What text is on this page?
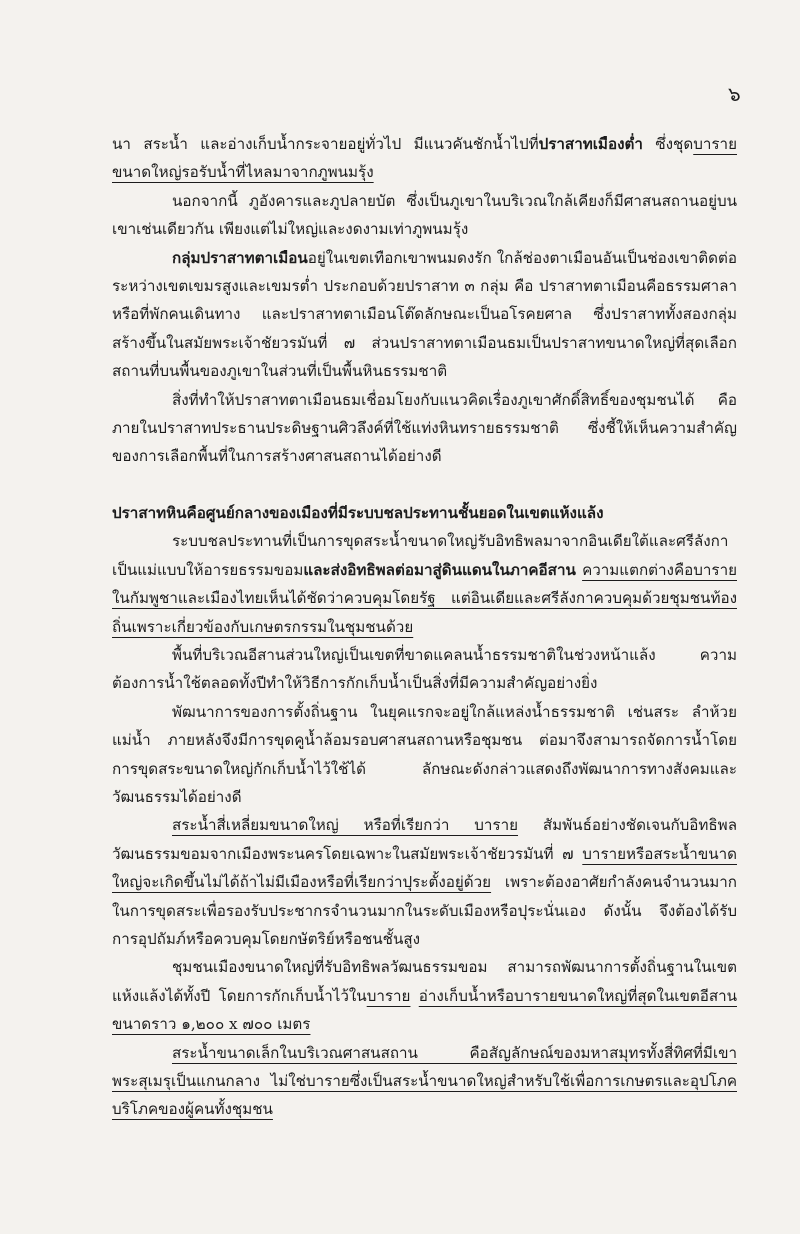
๖

นา สระน้ำ และอ่างเก็บน้ำกระจายอยู่ทั่วไป มีแนวคันชักน้ำไปที่ปราสาทเมืองต่ำ ซึ่งชุดบารายขนาดใหญ่รอรับน้ำที่ไหลมาจากภูพนมรุ้ง

นอกจากนี้ ภูอังคารและภูปลายบัต ซึ่งเป็นภูเขาในบริเวณใกล้เคียงก็มีศาสนสถานอยู่บนเขาเช่นเดียวกัน เพียงแต่ไม่ใหญ่และงดงามเท่าภูพนมรุ้ง

กลุ่มปราสาทตาเมือนอยู่ในเขตเทือกเขาพนมดงรัก ใกล้ช่องตาเมือนอันเป็นช่องเขาติดต่อระหว่างเขตเขมรสูงและเขมรต่ำ ประกอบด้วยปราสาท ๓ กลุ่ม คือ ปราสาทตาเมือนคือธรรมศาลาหรือที่พักคนเดินทาง และปราสาทตาเมือนโต๊ดลักษณะเป็นอโรคยศาล ซึ่งปราสาททั้งสองกลุ่มสร้างขึ้นในสมัยพระเจ้าชัยวรมันที่ ๗ ส่วนปราสาทตาเมือนธมเป็นปราสาทขนาดใหญ่ที่สุดเลือกสถานที่บนพื้นของภูเขาในส่วนที่เป็นพื้นหินธรรมชาติ

สิ่งที่ทำให้ปราสาทตาเมือนธมเชื่อมโยงกับแนวคิดเรื่องภูเขาศักดิ์สิทธิ์ของชุมชนได้ คือ ภายในปราสาทประธานประดิษฐานศิวลึงค์ที่ใช้แท่งหินทรายธรรมชาติ ซึ่งชี้ให้เห็นความสำคัญของการเลือกพื้นที่ในการสร้างศาสนสถานได้อย่างดี

ปราสาทหินคือศูนย์กลางของเมืองที่มีระบบชลประทานชั้นยอดในเขตแห้งแล้ง

ระบบชลประทานที่เป็นการขุดสระน้ำขนาดใหญ่รับอิทธิพลมาจากอินเดียใต้และศรีลังกา เป็นแม่แบบให้อารยธรรมขอมและส่งอิทธิพลต่อมาสู่ดินแดนในภาคอีสาน ความแตกต่างคือบารายในกัมพูชาและเมืองไทยเห็นได้ชัดว่าควบคุมโดยรัฐ แต่อินเดียและศรีลังกาควบคุมด้วยชุมชนท้องถิ่นเพราะเกี่ยวข้องกับเกษตรกรรมในชุมชนด้วย

พื้นที่บริเวณอีสานส่วนใหญ่เป็นเขตที่ขาดแคลนน้ำธรรมชาติในช่วงหน้าแล้ง ความต้องการน้ำใช้ตลอดทั้งปีทำให้วิธีการกักเก็บน้ำเป็นสิ่งที่มีความสำคัญอย่างยิ่ง

พัฒนาการของการตั้งถิ่นฐาน ในยุคแรกจะอยู่ใกล้แหล่งน้ำธรรมชาติ เช่นสระ ลำห้วย แม่น้ำ ภายหลังจึงมีการขุดคูน้ำล้อมรอบศาสนสถานหรือชุมชน ต่อมาจึงสามารถจัดการน้ำโดยการขุดสระขนาดใหญ่กักเก็บน้ำไว้ใช้ได้ ลักษณะดังกล่าวแสดงถึงพัฒนาการทางสังคมและวัฒนธรรมได้อย่างดี

สระน้ำสี่เหลี่ยมขนาดใหญ่ หรือที่เรียกว่า บาราย สัมพันธ์อย่างชัดเจนกับอิทธิพลวัฒนธรรมขอมจากเมืองพระนครโดยเฉพาะในสมัยพระเจ้าชัยวรมันที่ ๗ บารายหรือสระน้ำขนาดใหญ่จะเกิดขึ้นไม่ได้ถ้าไม่มีเมืองหรือที่เรียกว่าปุระตั้งอยู่ด้วย เพราะต้องอาศัยกำลังคนจำนวนมากในการขุดสระเพื่อรองรับประชากรจำนวนมากในระดับเมืองหรือปุระนั่นเอง ดังนั้น จึงต้องได้รับการอุปถัมภ์หรือควบคุมโดยกษัตริย์หรือชนชั้นสูง

ชุมชนเมืองขนาดใหญ่ที่รับอิทธิพลวัฒนธรรมขอม สามารถพัฒนาการตั้งถิ่นฐานในเขตแห้งแล้งได้ทั้งปี โดยการกักเก็บน้ำไว้ในบาราย อ่างเก็บน้ำหรือบารายขนาดใหญ่ที่สุดในเขตอีสานขนาดราว ๑,๒๐๐ x ๗๐๐ เมตร

สระน้ำขนาดเล็กในบริเวณศาสนสถาน คือสัญลักษณ์ของมหาสมุทรทั้งสี่ทิศที่มีเขาพระสุเมรุเป็นแกนกลาง ไม่ใช่บารายซึ่งเป็นสระน้ำขนาดใหญ่สำหรับใช้เพื่อการเกษตรและอุปโภคบริโภคของผู้คนทั้งชุมชน
